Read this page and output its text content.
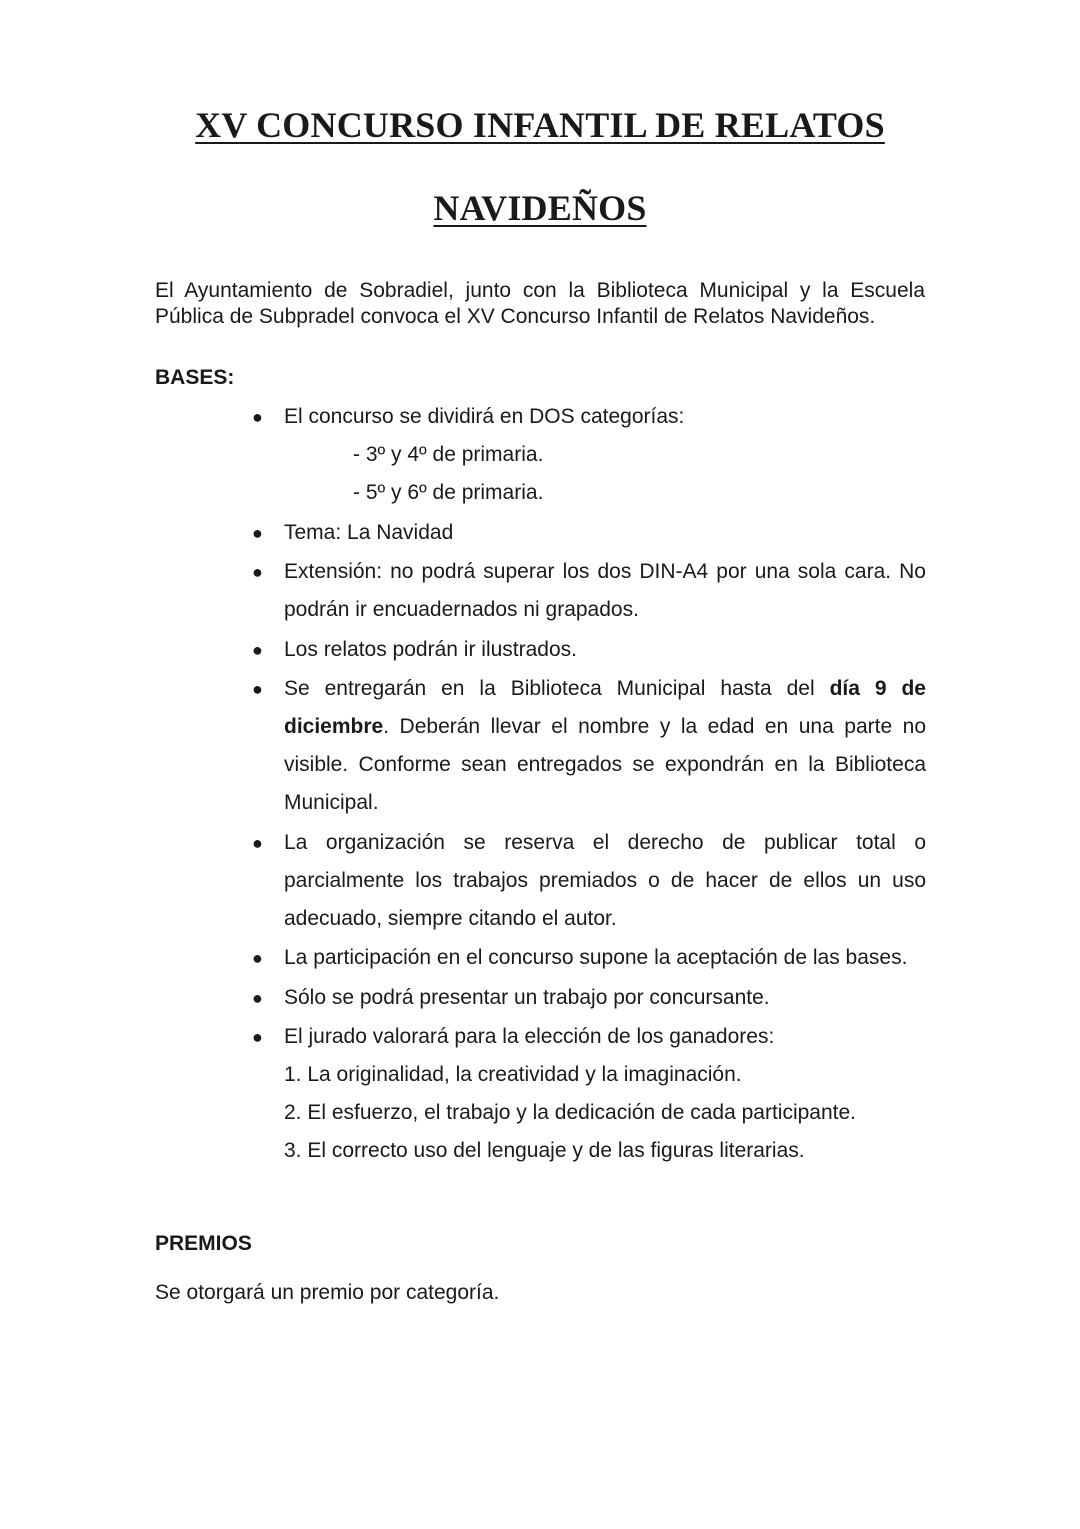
XV CONCURSO INFANTIL DE RELATOS
NAVIDEÑOS

El Ayuntamiento de Sobradiel, junto con la Biblioteca Municipal y la Escuela Pública de Subpradel convoca el XV Concurso Infantil de Relatos Navideños.

BASES:

●	El concurso se dividirá en DOS categorías:
- 3º y 4º de primaria.
- 5º y 6º de primaria.
●	Tema: La Navidad
●	Extensión: no podrá superar los dos DIN-A4 por una sola cara. No podrán ir encuadernados ni grapados.
●	Los relatos podrán ir ilustrados.
●	Se entregarán en la Biblioteca Municipal hasta del día 9 de diciembre. Deberán llevar el nombre y la edad en una parte no visible. Conforme sean entregados se expondrán en la Biblioteca Municipal.
●	La organización se reserva el derecho de publicar total o parcialmente los trabajos premiados o de hacer de ellos un uso adecuado, siempre citando el autor.
●	La participación en el concurso supone la aceptación de las bases.
●	Sólo se podrá presentar un trabajo por concursante.
●	El jurado valorará para la elección de los ganadores:
1. La originalidad, la creatividad y la imaginación.
2. El esfuerzo, el trabajo y la dedicación de cada participante.
3. El correcto uso del lenguaje y de las figuras literarias.

PREMIOS

Se otorgará un premio por categoría.
